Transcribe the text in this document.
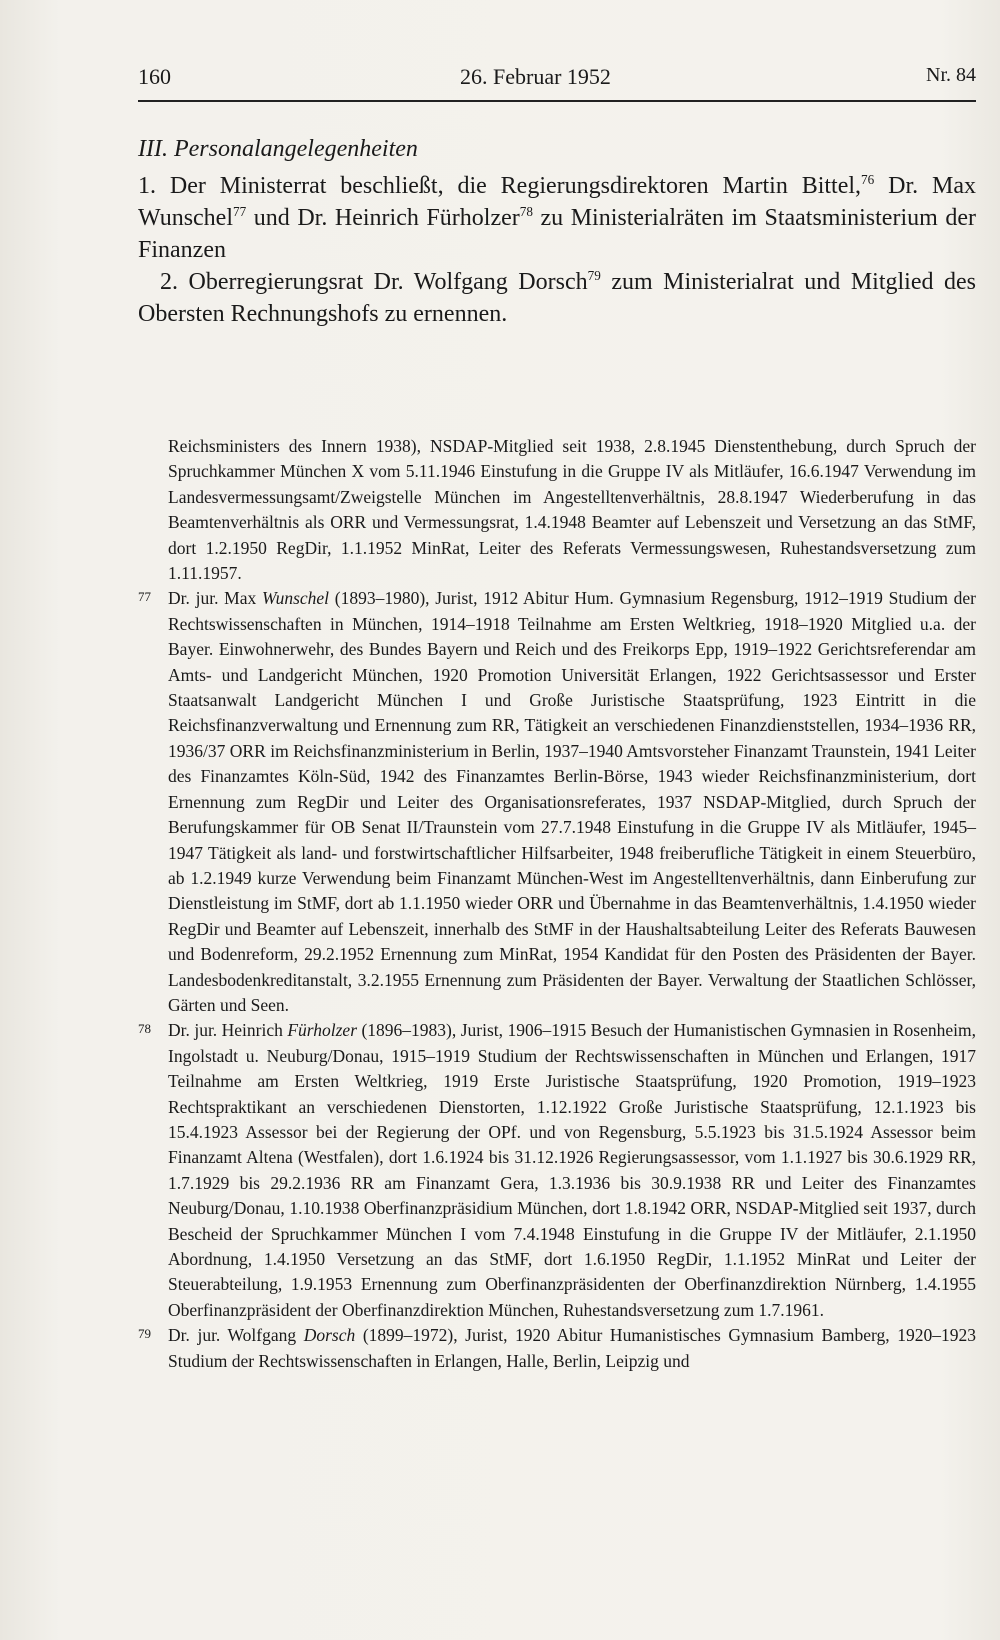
160	26. Februar 1952	Nr. 84
III. Personalangelegenheiten

1. Der Ministerrat beschließt, die Regierungsdirektoren Martin Bittel,$^{76}$ Dr. Max Wunschel$^{77}$ und Dr. Heinrich Fürholzer$^{78}$ zu Ministerialräten im Staatsministerium der Finanzen

2. Oberregierungsrat Dr. Wolfgang Dorsch$^{79}$ zum Ministerialrat und Mitglied des Obersten Rechnungshofs zu ernennen.

Reichsministers des Innern 1938), NSDAP-Mitglied seit 1938, 2.8.1945 Dienstenthebung, durch Spruch der Spruchkammer München X vom 5.11.1946 Einstufung in die Gruppe IV als Mitläufer, 16.6.1947 Verwendung im Landesvermessungsamt/Zweigstelle München im Angestelltenverhältnis, 28.8.1947 Wiederberufung in das Beamtenverhältnis als ORR und Vermessungsrat, 1.4.1948 Beamter auf Lebenszeit und Versetzung an das StMF, dort 1.2.1950 RegDir, 1.1.1952 MinRat, Leiter des Referats Vermessungswesen, Ruhestandsversetzung zum 1.11.1957.

77 Dr. jur. Max Wunschel (1893–1980), Jurist, 1912 Abitur Hum. Gymnasium Regensburg, 1912–1919 Studium der Rechtswissenschaften in München, 1914–1918 Teilnahme am Ersten Weltkrieg, 1918–1920 Mitglied u.a. der Bayer. Einwohnerwehr, des Bundes Bayern und Reich und des Freikorps Epp, 1919–1922 Gerichtsreferendar am Amts- und Landgericht München, 1920 Promotion Universität Erlangen, 1922 Gerichtsassessor und Erster Staatsanwalt Landgericht München I und Große Juristische Staatsprüfung, 1923 Eintritt in die Reichsfinanzverwaltung und Ernennung zum RR, Tätigkeit an verschiedenen Finanzdienststellen, 1934–1936 RR, 1936/37 ORR im Reichsfinanzministerium in Berlin, 1937–1940 Amtsvorsteher Finanzamt Traunstein, 1941 Leiter des Finanzamtes Köln-Süd, 1942 des Finanzamtes Berlin-Börse, 1943 wieder Reichsfinanzministerium, dort Ernennung zum RegDir und Leiter des Organisationsreferates, 1937 NSDAP-Mitglied, durch Spruch der Berufungskammer für OB Senat II/Traunstein vom 27.7.1948 Einstufung in die Gruppe IV als Mitläufer, 1945–1947 Tätigkeit als land- und forstwirtschaftlicher Hilfsarbeiter, 1948 freiberufliche Tätigkeit in einem Steuerbüro, ab 1.2.1949 kurze Verwendung beim Finanzamt München-West im Angestelltenverhältnis, dann Einberufung zur Dienstleistung im StMF, dort ab 1.1.1950 wieder ORR und Übernahme in das Beamtenverhältnis, 1.4.1950 wieder RegDir und Beamter auf Lebenszeit, innerhalb des StMF in der Haushaltsabteilung Leiter des Referats Bauwesen und Bodenreform, 29.2.1952 Ernennung zum MinRat, 1954 Kandidat für den Posten des Präsidenten der Bayer. Landesbodenkreditanstalt, 3.2.1955 Ernennung zum Präsidenten der Bayer. Verwaltung der Staatlichen Schlösser, Gärten und Seen.

78 Dr. jur. Heinrich Fürholzer (1896–1983), Jurist, 1906–1915 Besuch der Humanistischen Gymnasien in Rosenheim, Ingolstadt u. Neuburg/Donau, 1915–1919 Studium der Rechtswissenschaften in München und Erlangen, 1917 Teilnahme am Ersten Weltkrieg, 1919 Erste Juristische Staatsprüfung, 1920 Promotion, 1919–1923 Rechtspraktikant an verschiedenen Dienstorten, 1.12.1922 Große Juristische Staatsprüfung, 12.1.1923 bis 15.4.1923 Assessor bei der Regierung der OPf. und von Regensburg, 5.5.1923 bis 31.5.1924 Assessor beim Finanzamt Altena (Westfalen), dort 1.6.1924 bis 31.12.1926 Regierungsassessor, vom 1.1.1927 bis 30.6.1929 RR, 1.7.1929 bis 29.2.1936 RR am Finanzamt Gera, 1.3.1936 bis 30.9.1938 RR und Leiter des Finanzamtes Neuburg/Donau, 1.10.1938 Oberfinanzpräsidium München, dort 1.8.1942 ORR, NSDAP-Mitglied seit 1937, durch Bescheid der Spruchkammer München I vom 7.4.1948 Einstufung in die Gruppe IV der Mitläufer, 2.1.1950 Abordnung, 1.4.1950 Versetzung an das StMF, dort 1.6.1950 RegDir, 1.1.1952 MinRat und Leiter der Steuerabteilung, 1.9.1953 Ernennung zum Oberfinanzpräsidenten der Oberfinanzdirektion Nürnberg, 1.4.1955 Oberfinanzpräsident der Oberfinanzdirektion München, Ruhestandsversetzung zum 1.7.1961.

79 Dr. jur. Wolfgang Dorsch (1899–1972), Jurist, 1920 Abitur Humanistisches Gymnasium Bamberg, 1920–1923 Studium der Rechtswissenschaften in Erlangen, Halle, Berlin, Leipzig und
